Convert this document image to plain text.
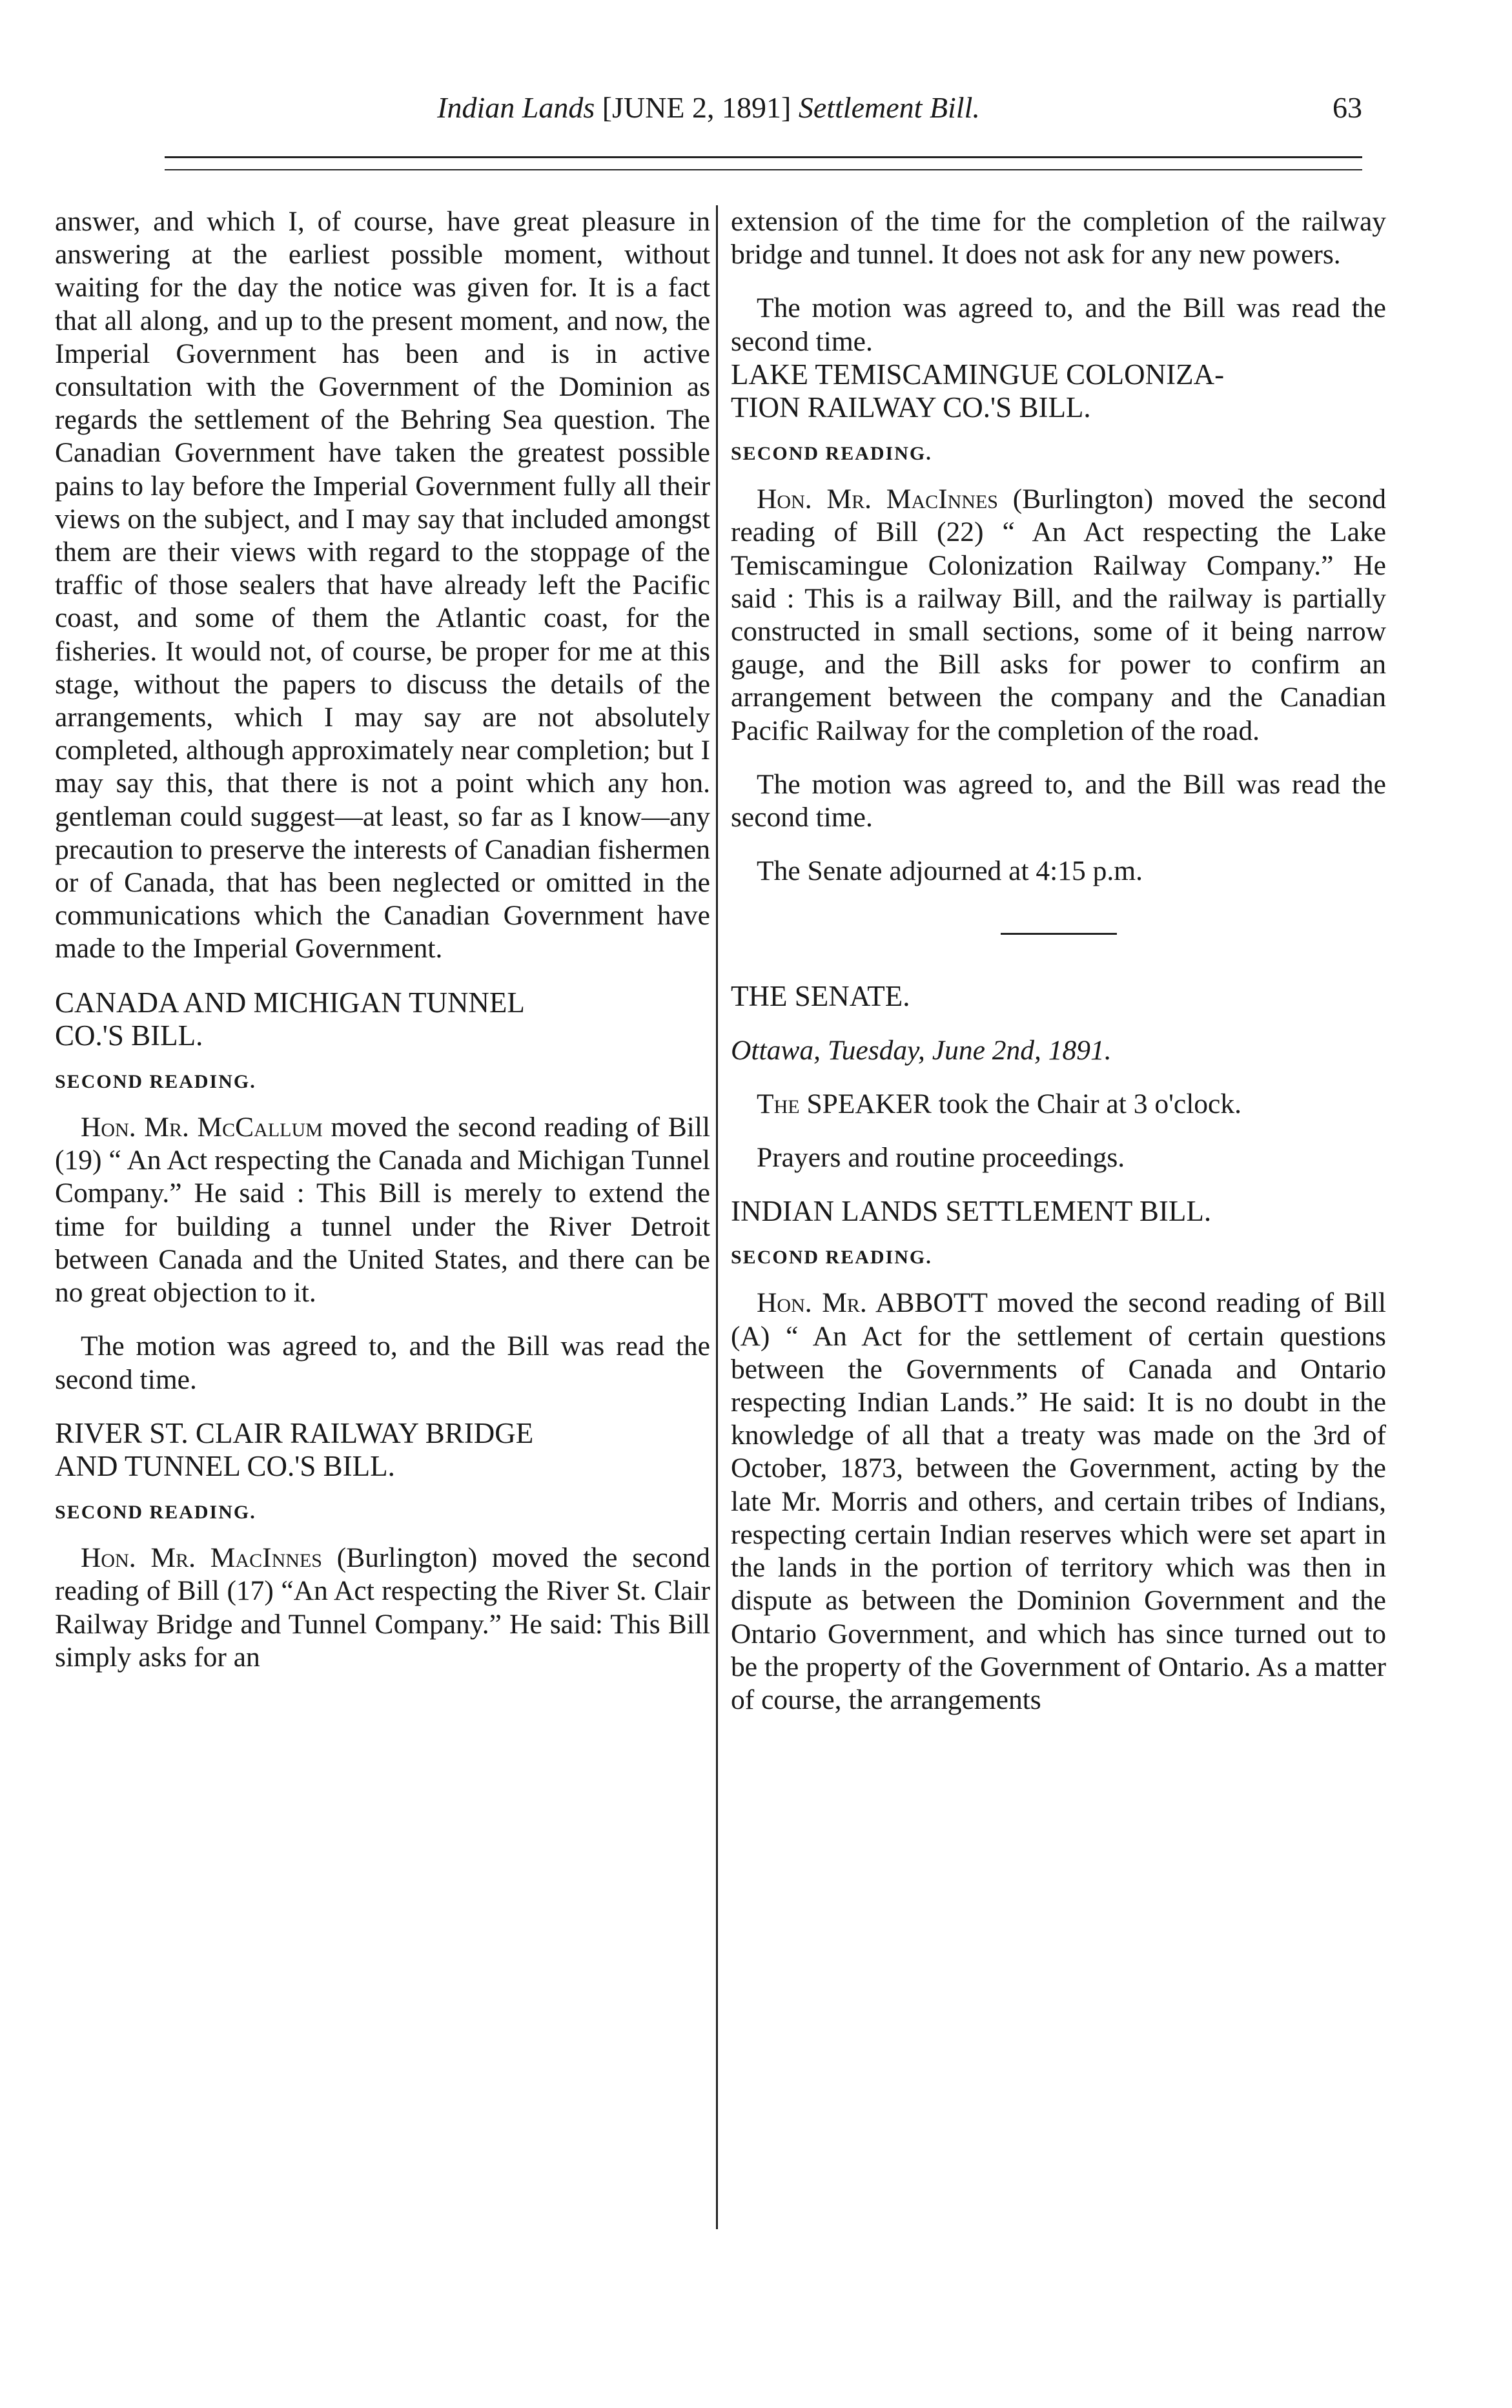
Indian Lands [JUNE 2, 1891] Settlement Bill.	63

answer, and which I, of course, have great pleasure in answering at the earliest possible moment, without waiting for the day the notice was given for. It is a fact that all along, and up to the present moment, and now, the Imperial Government has been and is in active consultation with the Government of the Dominion as regards the settlement of the Behring Sea question. The Canadian Government have taken the greatest possible pains to lay before the Imperial Government fully all their views on the subject, and I may say that included amongst them are their views with regard to the stoppage of the traffic of those sealers that have already left the Pacific coast, and some of them the Atlantic coast, for the fisheries. It would not, of course, be proper for me at this stage, without the papers to discuss the details of the arrangements, which I may say are not absolutely completed, although approximately near completion; but I may say this, that there is not a point which any hon. gentleman could suggest—at least, so far as I know—any precaution to preserve the interests of Canadian fishermen or of Canada, that has been neglected or omitted in the communications which the Canadian Government have made to the Imperial Government.

CANADA AND MICHIGAN TUNNEL

CO.'S BILL.

SECOND READING.

Hon. Mr. McCallum moved the second reading of Bill (19) “ An Act respecting the Canada and Michigan Tunnel Company.” He said : This Bill is merely to extend the time for building a tunnel under the River Detroit between Canada and the United States, and there can be no great objection to it.

The motion was agreed to, and the Bill was read the second time.

RIVER ST. CLAIR RAILWAY BRIDGE

AND TUNNEL CO.'S BILL.

SECOND READING.

Hon. Mr. MacInnes (Burlington) moved the second reading of Bill (17) “An Act respecting the River St. Clair Railway Bridge and Tunnel Company.” He said: This Bill simply asks for an

extension of the time for the completion of the railway bridge and tunnel. It does not ask for any new powers.

The motion was agreed to, and the Bill was read the second time.

LAKE TEMISCAMINGUE COLONIZA-

TION RAILWAY CO.'S BILL.

SECOND READING.

Hon. Mr. MacInnes (Burlington) moved the second reading of Bill (22) “ An Act respecting the Lake Temiscamingue Colonization Railway Company.” He said : This is a railway Bill, and the railway is partially constructed in small sections, some of it being narrow gauge, and the Bill asks for power to confirm an arrangement between the company and the Canadian Pacific Railway for the completion of the road.

The motion was agreed to, and the Bill was read the second time.

The Senate adjourned at 4:15 p.m.

THE SENATE.

Ottawa, Tuesday, June 2nd, 1891.

The SPEAKER took the Chair at 3 o'clock.

Prayers and routine proceedings.

INDIAN LANDS SETTLEMENT BILL.

SECOND READING.

Hon. Mr. ABBOTT moved the second reading of Bill (A) “ An Act for the settlement of certain questions between the Governments of Canada and Ontario respecting Indian Lands.” He said: It is no doubt in the knowledge of all that a treaty was made on the 3rd of October, 1873, between the Government, acting by the late Mr. Morris and others, and certain tribes of Indians, respecting certain Indian reserves which were set apart in the lands in the portion of territory which was then in dispute as between the Dominion Government and the Ontario Government, and which has since turned out to be the property of the Government of Ontario. As a matter of course, the arrangements
